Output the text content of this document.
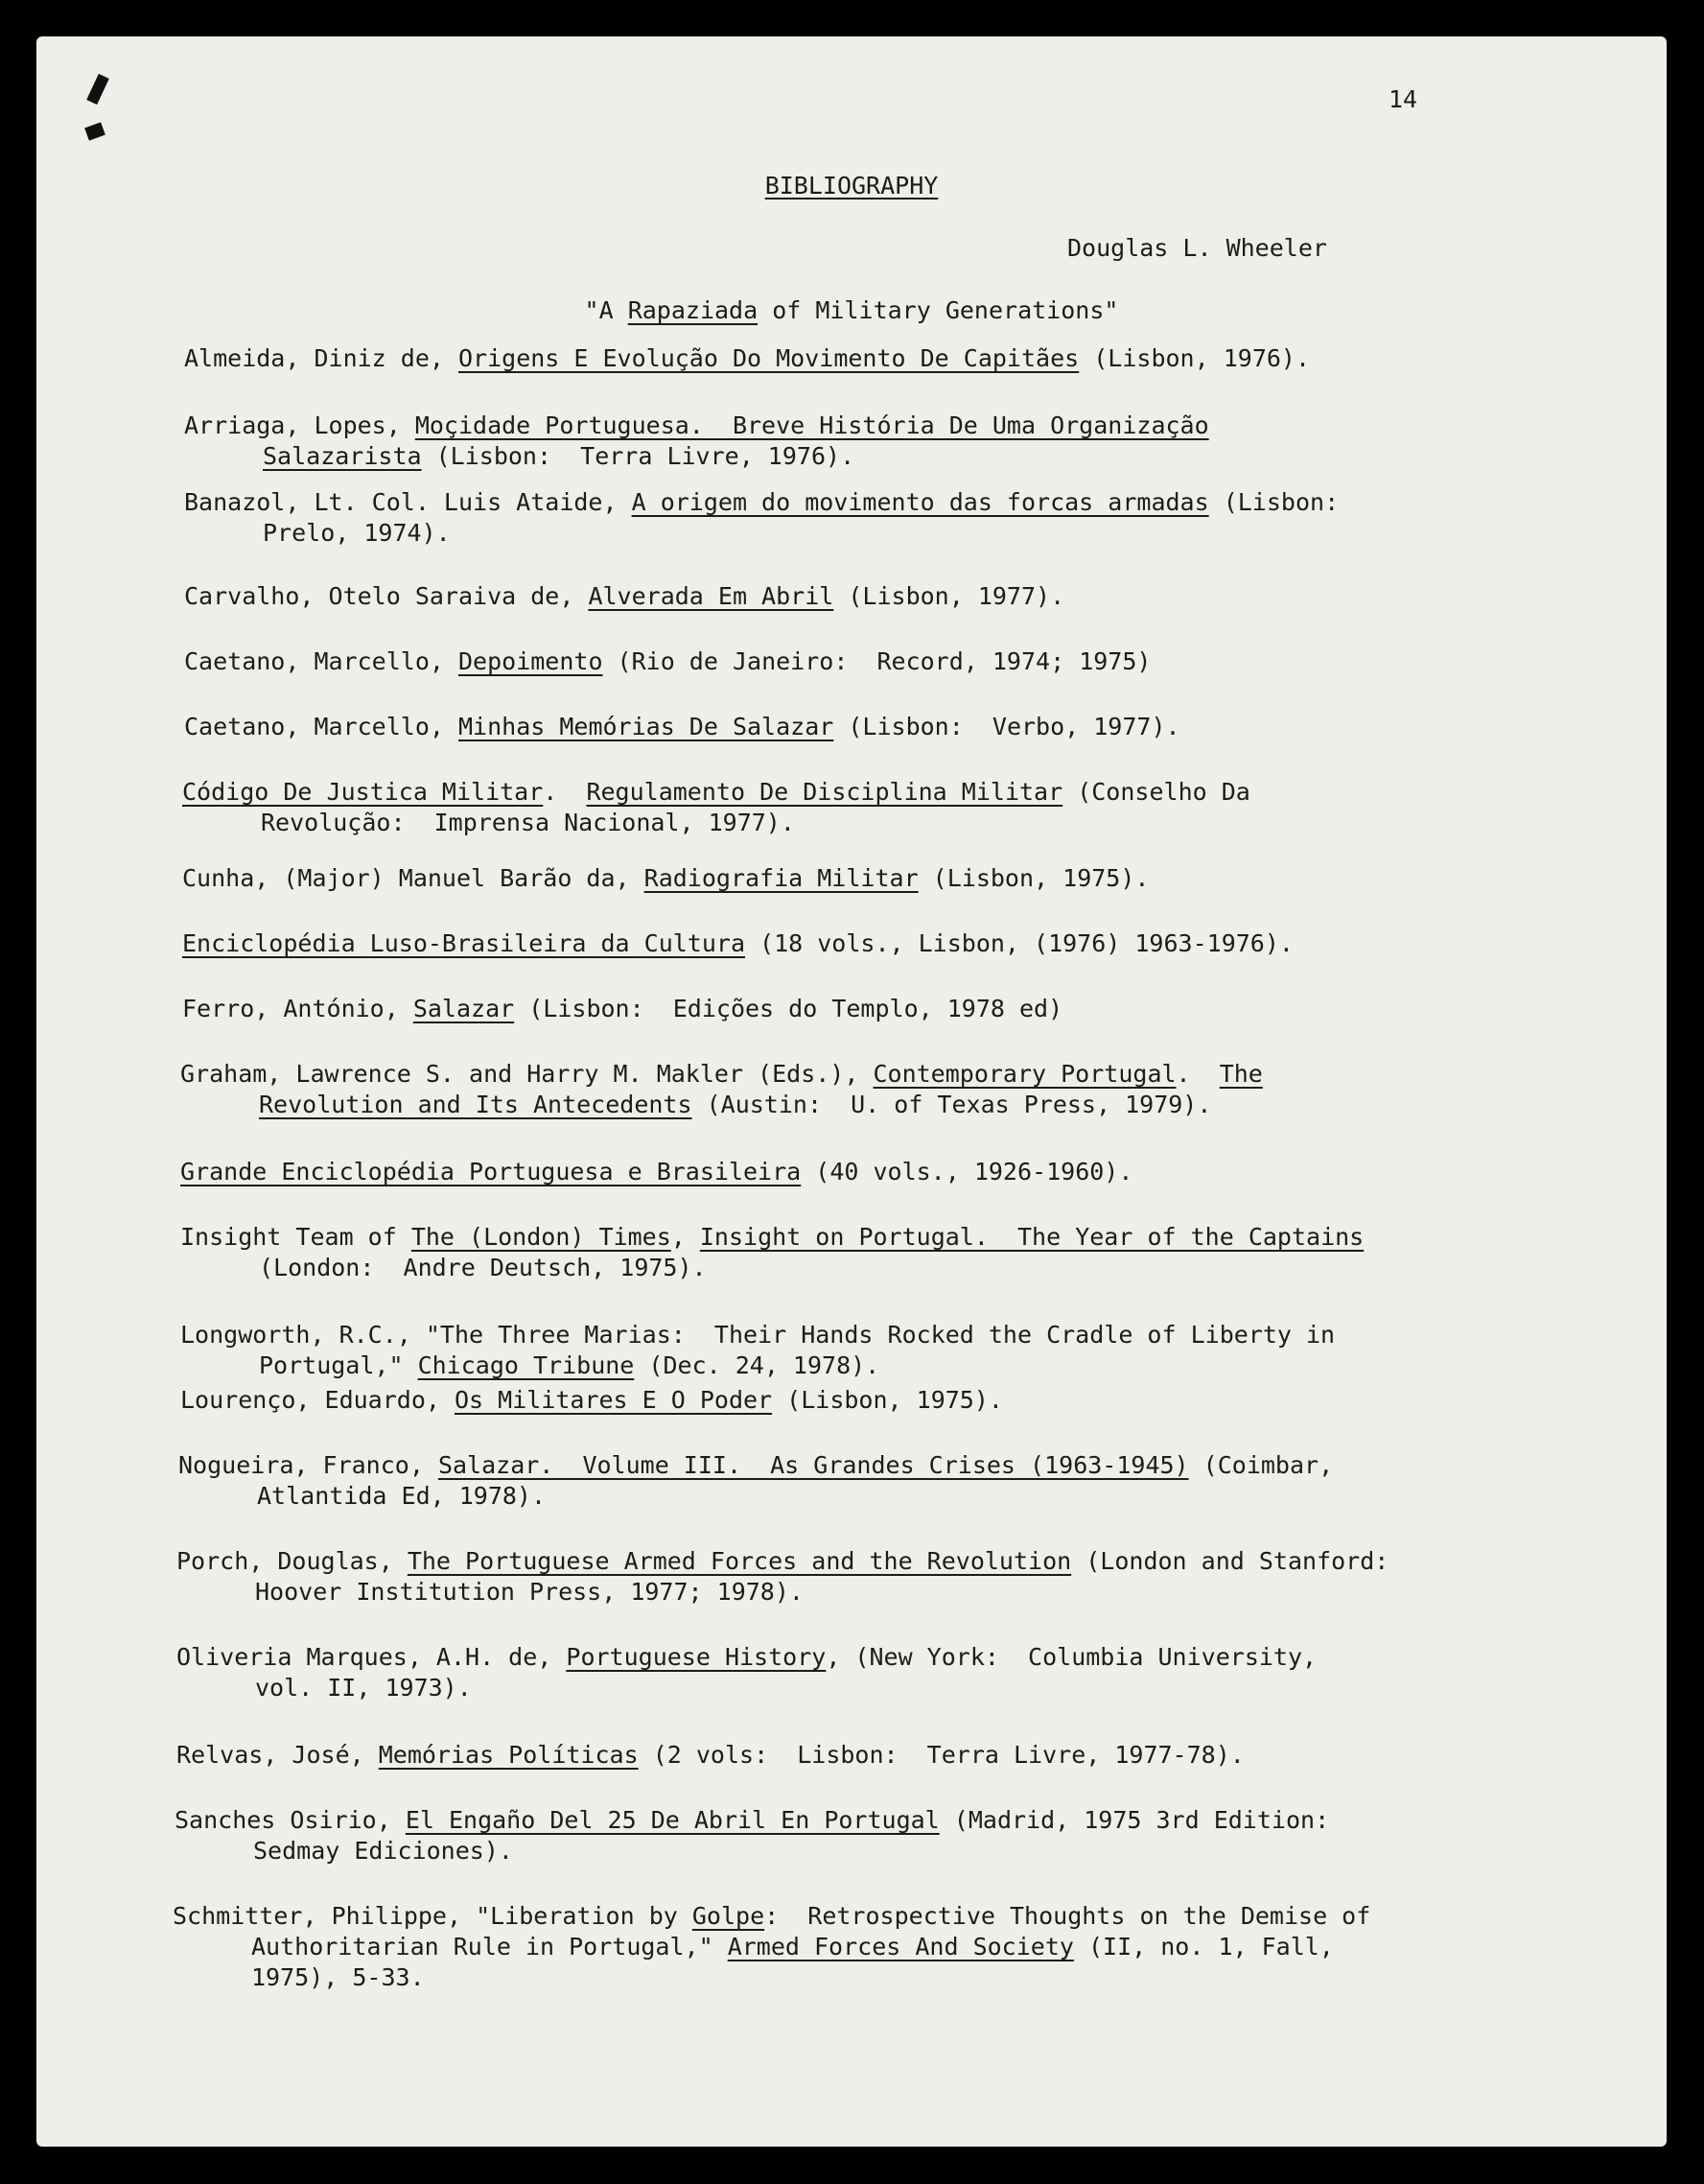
14
BIBLIOGRAPHY
Douglas L. Wheeler
"A Rapaziada of Military Generations"
Almeida, Diniz de, Origens E Evolução Do Movimento De Capitães (Lisbon, 1976).
Arriaga, Lopes, Moçidade Portuguesa.  Breve História De Uma Organização
Salazarista (Lisbon:  Terra Livre, 1976).
Banazol, Lt. Col. Luis Ataide, A origem do movimento das forcas armadas (Lisbon:
Prelo, 1974).
Carvalho, Otelo Saraiva de, Alverada Em Abril (Lisbon, 1977).
Caetano, Marcello, Depoimento (Rio de Janeiro:  Record, 1974; 1975)
Caetano, Marcello, Minhas Memórias De Salazar (Lisbon:  Verbo, 1977).
Código De Justica Militar.  Regulamento De Disciplina Militar (Conselho Da
Revolução:  Imprensa Nacional, 1977).
Cunha, (Major) Manuel Barão da, Radiografia Militar (Lisbon, 1975).
Enciclopédia Luso-Brasileira da Cultura (18 vols., Lisbon, (1976) 1963-1976).
Ferro, António, Salazar (Lisbon:  Edições do Templo, 1978 ed)
Graham, Lawrence S. and Harry M. Makler (Eds.), Contemporary Portugal.  The
Revolution and Its Antecedents (Austin:  U. of Texas Press, 1979).
Grande Enciclopédia Portuguesa e Brasileira (40 vols., 1926-1960).
Insight Team of The (London) Times, Insight on Portugal.  The Year of the Captains
(London:  Andre Deutsch, 1975).
Longworth, R.C., "The Three Marias:  Their Hands Rocked the Cradle of Liberty in
Portugal," Chicago Tribune (Dec. 24, 1978).
Lourenço, Eduardo, Os Militares E O Poder (Lisbon, 1975).
Nogueira, Franco, Salazar.  Volume III.  As Grandes Crises (1963-1945) (Coimbar,
Atlantida Ed, 1978).
Porch, Douglas, The Portuguese Armed Forces and the Revolution (London and Stanford:
Hoover Institution Press, 1977; 1978).
Oliveria Marques, A.H. de, Portuguese History, (New York:  Columbia University,
vol. II, 1973).
Relvas, José, Memórias Políticas (2 vols:  Lisbon:  Terra Livre, 1977-78).
Sanches Osirio, El Engaño Del 25 De Abril En Portugal (Madrid, 1975 3rd Edition:
Sedmay Ediciones).
Schmitter, Philippe, "Liberation by Golpe:  Retrospective Thoughts on the Demise of
Authoritarian Rule in Portugal," Armed Forces And Society (II, no. 1, Fall,
1975), 5-33.
